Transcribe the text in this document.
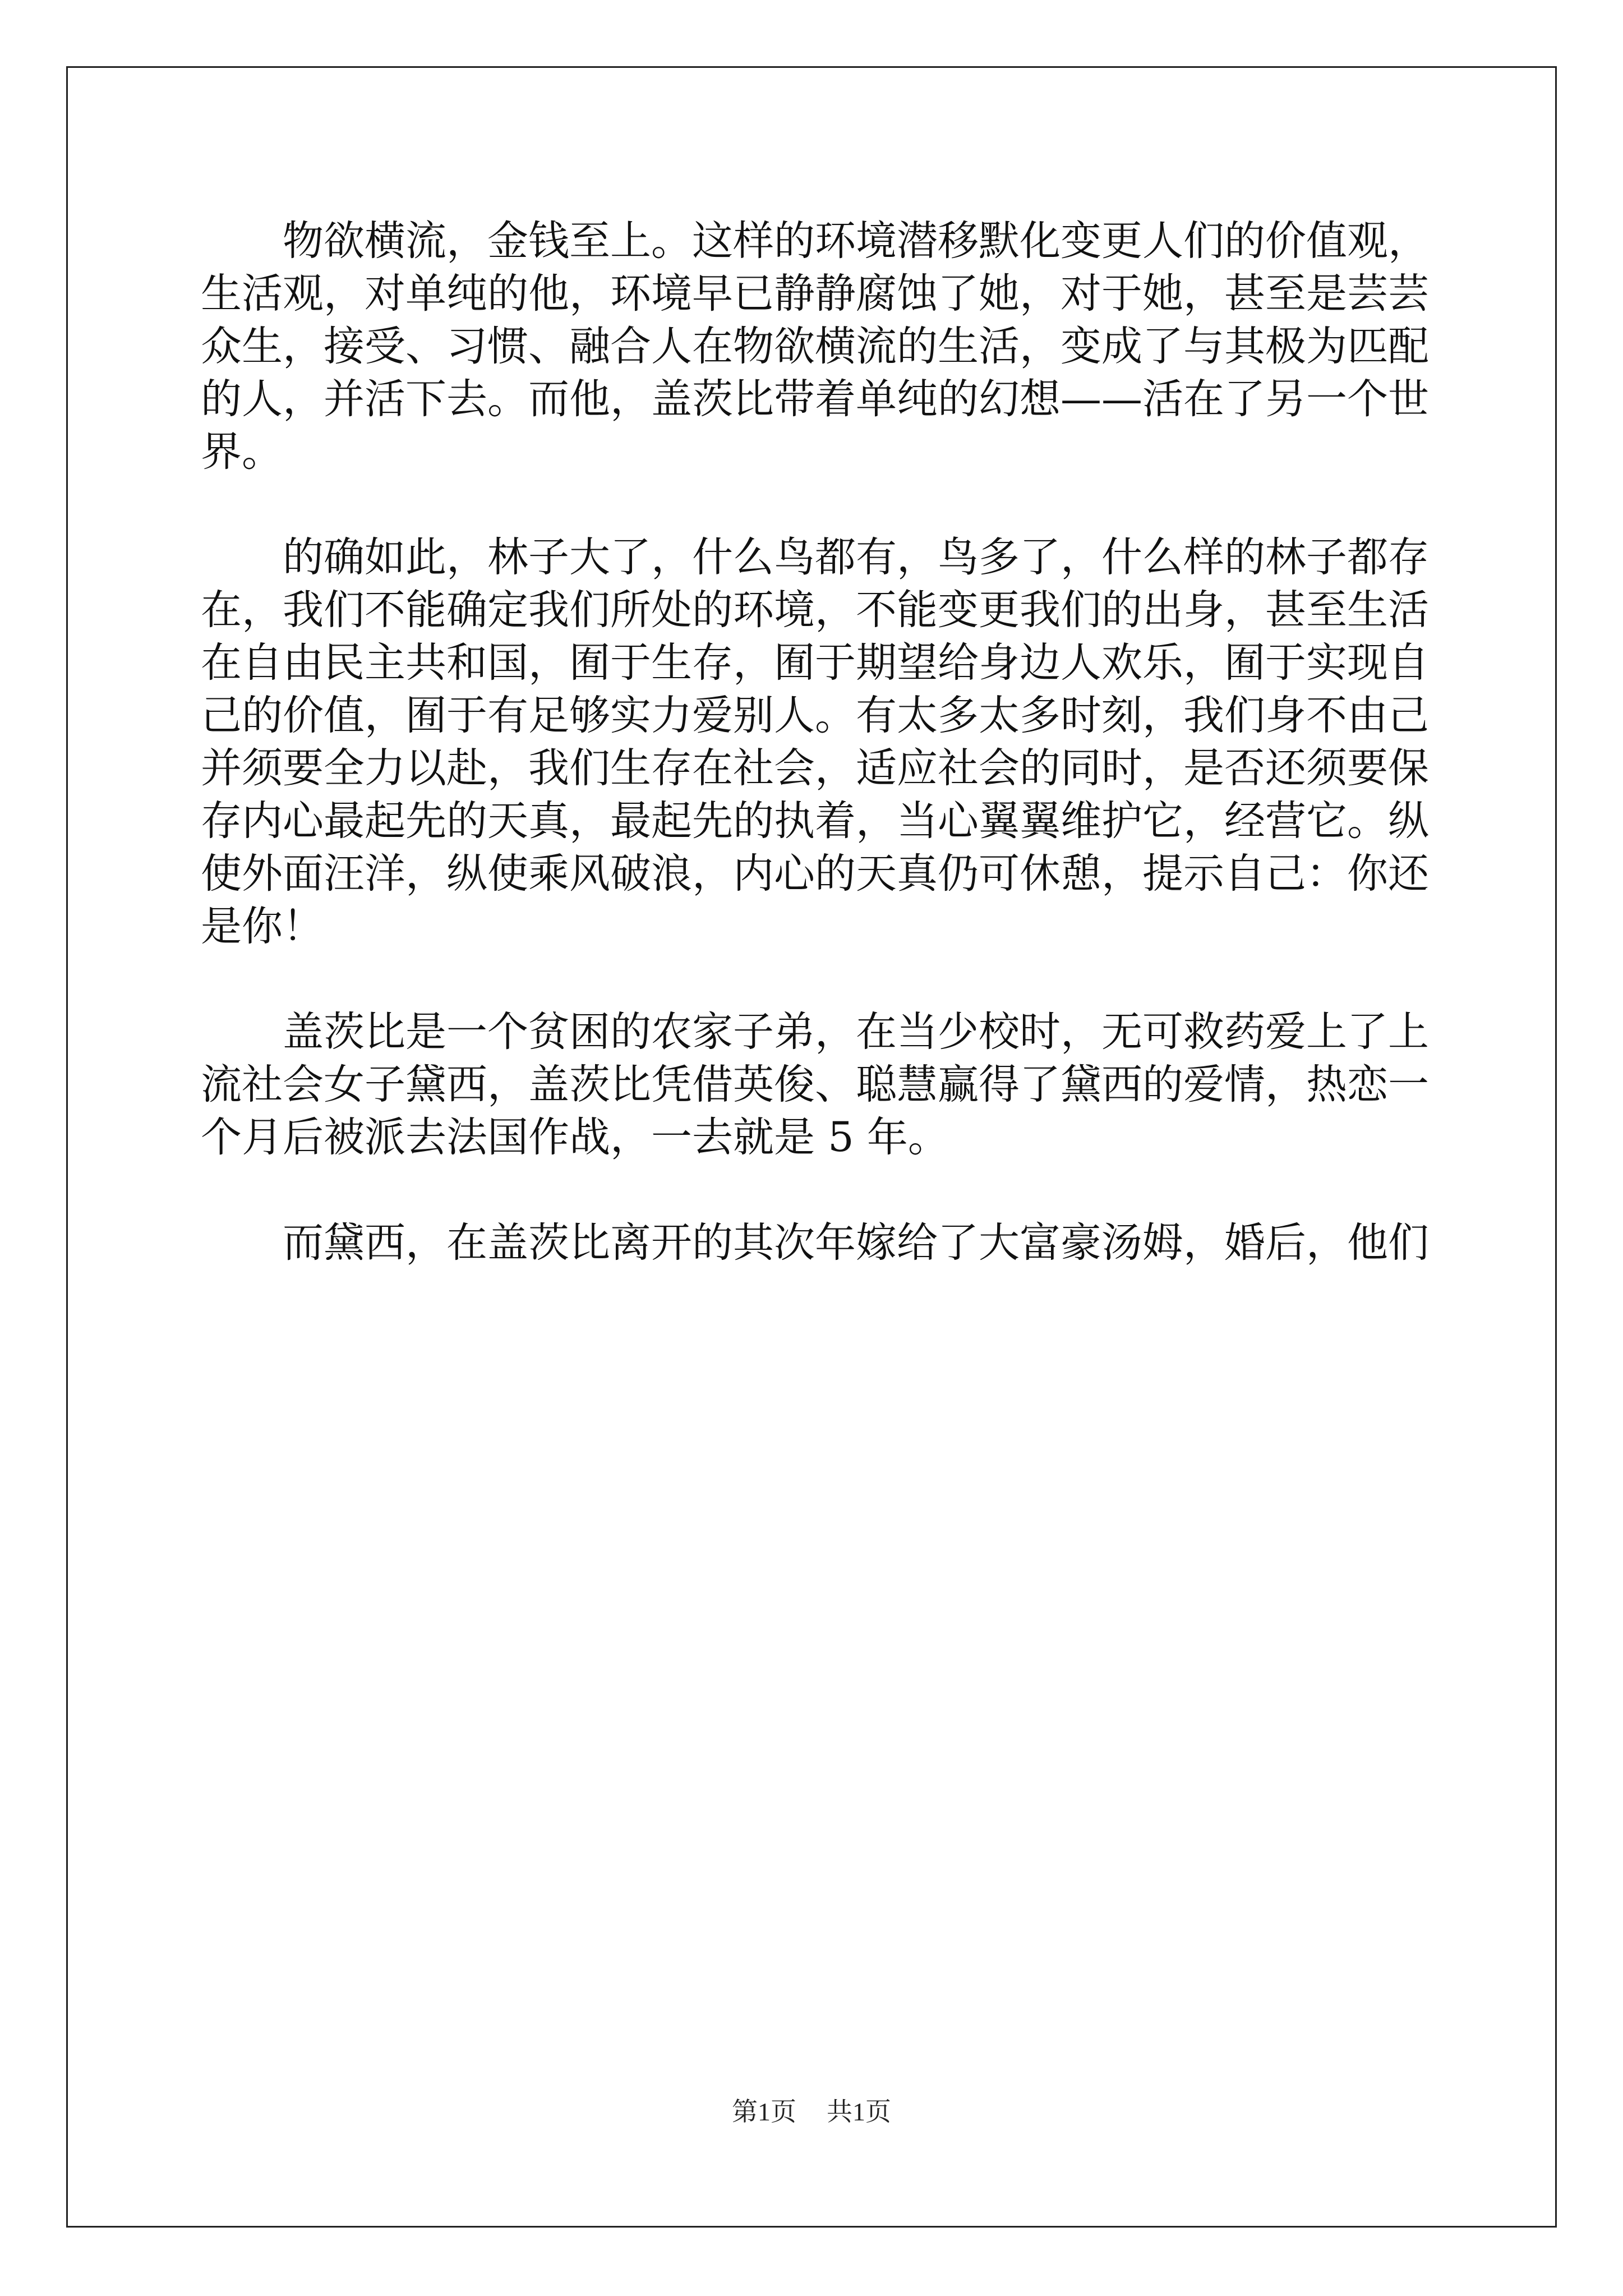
物欲横流，金钱至上。这样的环境潜移默化变更人们的价值观，生活观，对单纯的他，环境早已静静腐蚀了她，对于她，甚至是芸芸众生，接受、习惯、融合人在物欲横流的生活，变成了与其极为匹配的人，并活下去。而他，盖茨比带着单纯的幻想——活在了另一个世界。

的确如此，林子大了，什么鸟都有，鸟多了，什么样的林子都存在，我们不能确定我们所处的环境，不能变更我们的出身，甚至生活在自由民主共和国，囿于生存，囿于期望给身边人欢乐，囿于实现自己的价值，囿于有足够实力爱别人。有太多太多时刻，我们身不由己并须要全力以赴，我们生存在社会，适应社会的同时，是否还须要保存内心最起先的天真，最起先的执着，当心翼翼维护它，经营它。纵使外面汪洋，纵使乘风破浪，内心的天真仍可休憩，提示自己：你还是你！

盖茨比是一个贫困的农家子弟，在当少校时，无可救药爱上了上流社会女子黛西，盖茨比凭借英俊、聪慧赢得了黛西的爱情，热恋一个月后被派去法国作战，一去就是 5 年。

而黛西，在盖茨比离开的其次年嫁给了大富豪汤姆，婚后，他们

第1页 共1页
